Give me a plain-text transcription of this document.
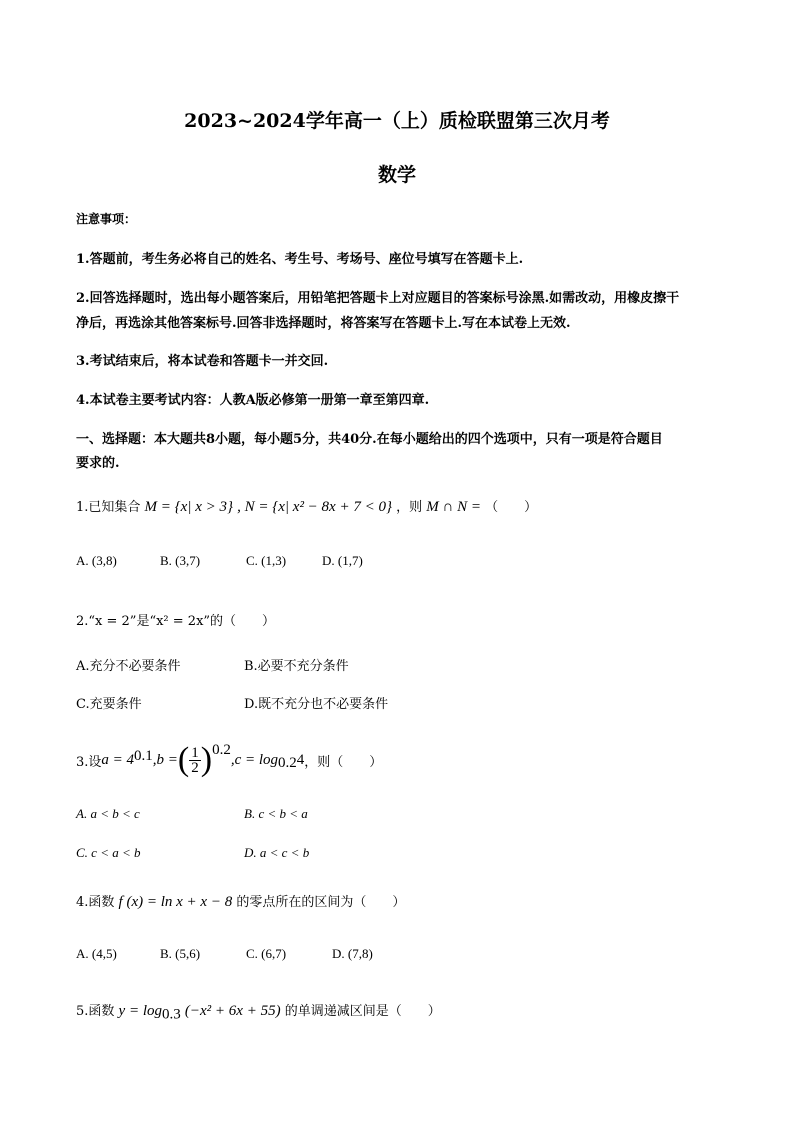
2023~2024学年高一（上）质检联盟第三次月考
数学
注意事项：
1.答题前，考生务必将自己的姓名、考生号、考场号、座位号填写在答题卡上.
2.回答选择题时，选出每小题答案后，用铅笔把答题卡上对应题目的答案标号涂黑.如需改动，用橡皮擦干
净后，再选涂其他答案标号.回答非选择题时，将答案写在答题卡上.写在本试卷上无效.
3.考试结束后，将本试卷和答题卡一并交回.
4.本试卷主要考试内容：人教A版必修第一册第一章至第四章.
一、选择题：本大题共8小题，每小题5分，共40分.在每小题给出的四个选项中，只有一项是符合题目
要求的.
1.已知集合 M = {x| x > 3} , N = {x| x² − 8x + 7 < 0} ，则 M ∩ N = （　　）
A. (3,8)	B. (3,7)	C. (1,3)	D. (1,7)
2.“x = 2”是“x² = 2x”的（　　）
A.充分不必要条件	B.必要不充分条件
C.充要条件	D.既不充分也不必要条件
3.设 a = 4 0.1 ,b = ( $\frac{1}{2}$ ) 0.2
,c = log 0.2 4 ，则（　　）
A. a < b < c	B. c < b < a
C. c < a < b	D. a < c < b
4.函数 f (x) = ln x + x − 8 的零点所在的区间为（　　）
A. (4,5)	B. (5,6)	C. (6,7)	D. (7,8)
5.函数 $y = \log_{0.3} (-x^2 + 6x + 55)$ 的单调递减区间是（　　）
